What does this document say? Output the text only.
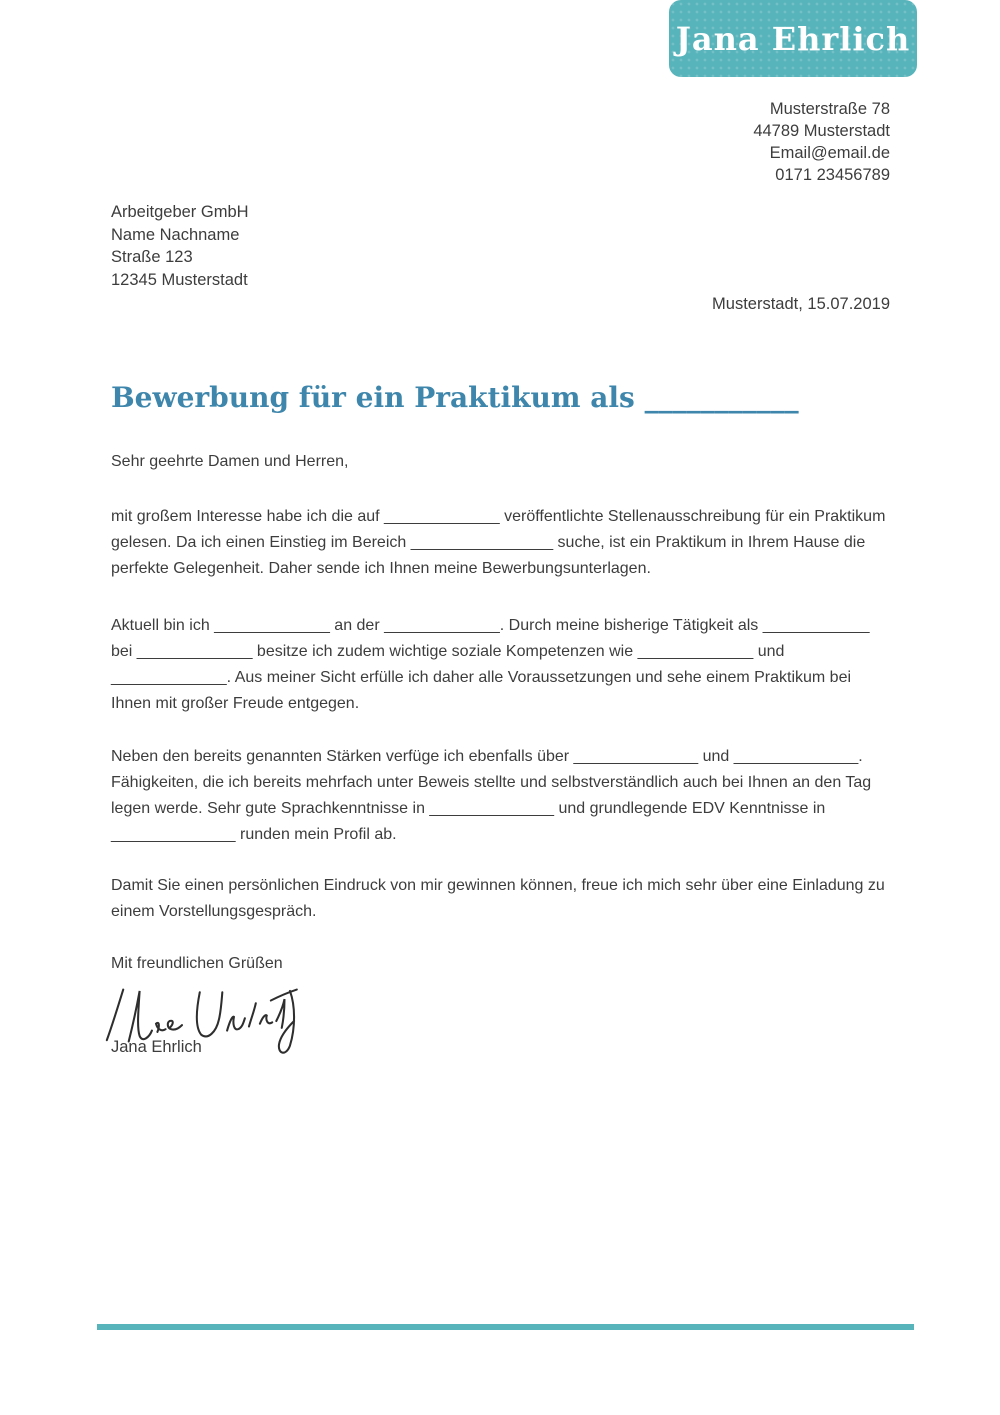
Jana Ehrlich
Musterstraße 78
44789 Musterstadt
Email@email.de
0171 23456789
Arbeitgeber GmbH
Name Nachname
Straße 123
12345 Musterstadt
Musterstadt, 15.07.2019
Bewerbung für ein Praktikum als ___________
Sehr geehrte Damen und Herren,
mit großem Interesse habe ich die auf _____________ veröffentlichte Stellenausschreibung für ein Praktikum gelesen. Da ich einen Einstieg im Bereich ________________ suche, ist ein Praktikum in Ihrem Hause die perfekte Gelegenheit. Daher sende ich Ihnen meine Bewerbungsunterlagen.
Aktuell bin ich _____________ an der _____________. Durch meine bisherige Tätigkeit als ____________ bei _____________ besitze ich zudem wichtige soziale Kompetenzen wie _____________ und _____________. Aus meiner Sicht erfülle ich daher alle Voraussetzungen und sehe einem Praktikum bei Ihnen mit großer Freude entgegen.
Neben den bereits genannten Stärken verfüge ich ebenfalls über ______________ und ______________. Fähigkeiten, die ich bereits mehrfach unter Beweis stellte und selbstverständlich auch bei Ihnen an den Tag legen werde. Sehr gute Sprachkenntnisse in ______________ und grundlegende EDV Kenntnisse in ______________ runden mein Profil ab.
Damit Sie einen persönlichen Eindruck von mir gewinnen können, freue ich mich sehr über eine Einladung zu einem Vorstellungsgespräch.
Mit freundlichen Grüßen
Jana Ehrlich
